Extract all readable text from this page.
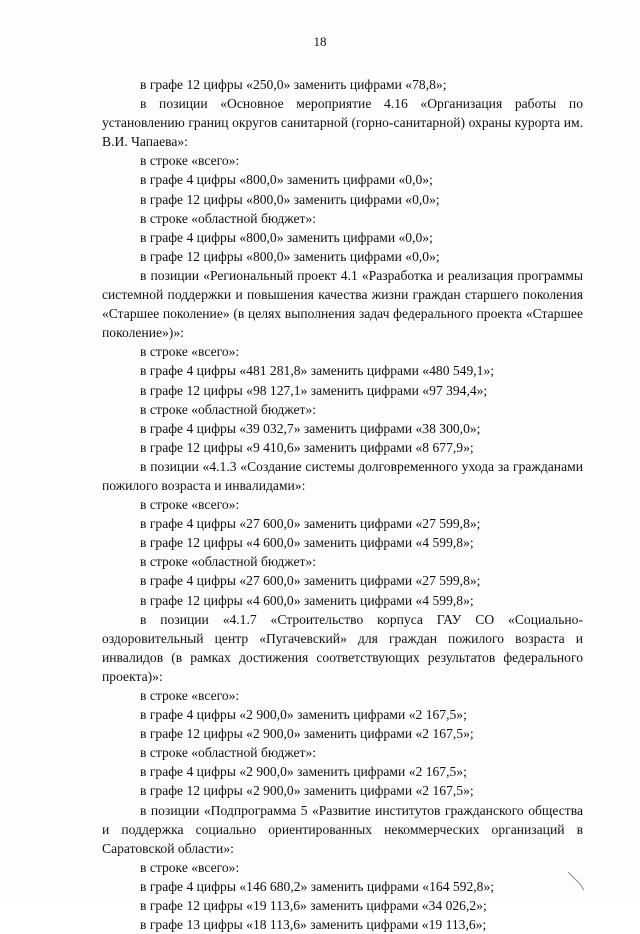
18
в графе 12 цифры «250,0» заменить цифрами «78,8»;
в позиции «Основное мероприятие 4.16 «Организация работы по установлению границ округов санитарной (горно-санитарной) охраны курорта им. В.И. Чапаева»:
в строке «всего»:
в графе 4 цифры «800,0» заменить цифрами «0,0»;
в графе 12 цифры «800,0» заменить цифрами «0,0»;
в строке «областной бюджет»:
в графе 4 цифры «800,0» заменить цифрами «0,0»;
в графе 12 цифры «800,0» заменить цифрами «0,0»;
в позиции «Региональный проект 4.1 «Разработка и реализация программы системной поддержки и повышения качества жизни граждан старшего поколения «Старшее поколение» (в целях выполнения задач федерального проекта «Старшее поколение»)»:
в строке «всего»:
в графе 4 цифры «481 281,8» заменить цифрами «480 549,1»;
в графе 12 цифры «98 127,1» заменить цифрами «97 394,4»;
в строке «областной бюджет»:
в графе 4 цифры «39 032,7» заменить цифрами «38 300,0»;
в графе 12 цифры «9 410,6» заменить цифрами «8 677,9»;
в позиции «4.1.3 «Создание системы долговременного ухода за гражданами пожилого возраста и инвалидами»:
в строке «всего»:
в графе 4 цифры «27 600,0» заменить цифрами «27 599,8»;
в графе 12 цифры «4 600,0» заменить цифрами «4 599,8»;
в строке «областной бюджет»:
в графе 4 цифры «27 600,0» заменить цифрами «27 599,8»;
в графе 12 цифры «4 600,0» заменить цифрами «4 599,8»;
в позиции «4.1.7 «Строительство корпуса ГАУ СО «Социально-оздоровительный центр «Пугачевский» для граждан пожилого возраста и инвалидов (в рамках достижения соответствующих результатов федерального проекта)»:
в строке «всего»:
в графе 4 цифры «2 900,0» заменить цифрами «2 167,5»;
в графе 12 цифры «2 900,0» заменить цифрами «2 167,5»;
в строке «областной бюджет»:
в графе 4 цифры «2 900,0» заменить цифрами «2 167,5»;
в графе 12 цифры «2 900,0» заменить цифрами «2 167,5»;
в позиции «Подпрограмма 5 «Развитие институтов гражданского общества и поддержка социально ориентированных некоммерческих организаций в Саратовской области»:
в строке «всего»:
в графе 4 цифры «146 680,2» заменить цифрами «164 592,8»;
в графе 12 цифры «19 113,6» заменить цифрами «34 026,2»;
в графе 13 цифры «18 113,6» заменить цифрами «19 113,6»;
